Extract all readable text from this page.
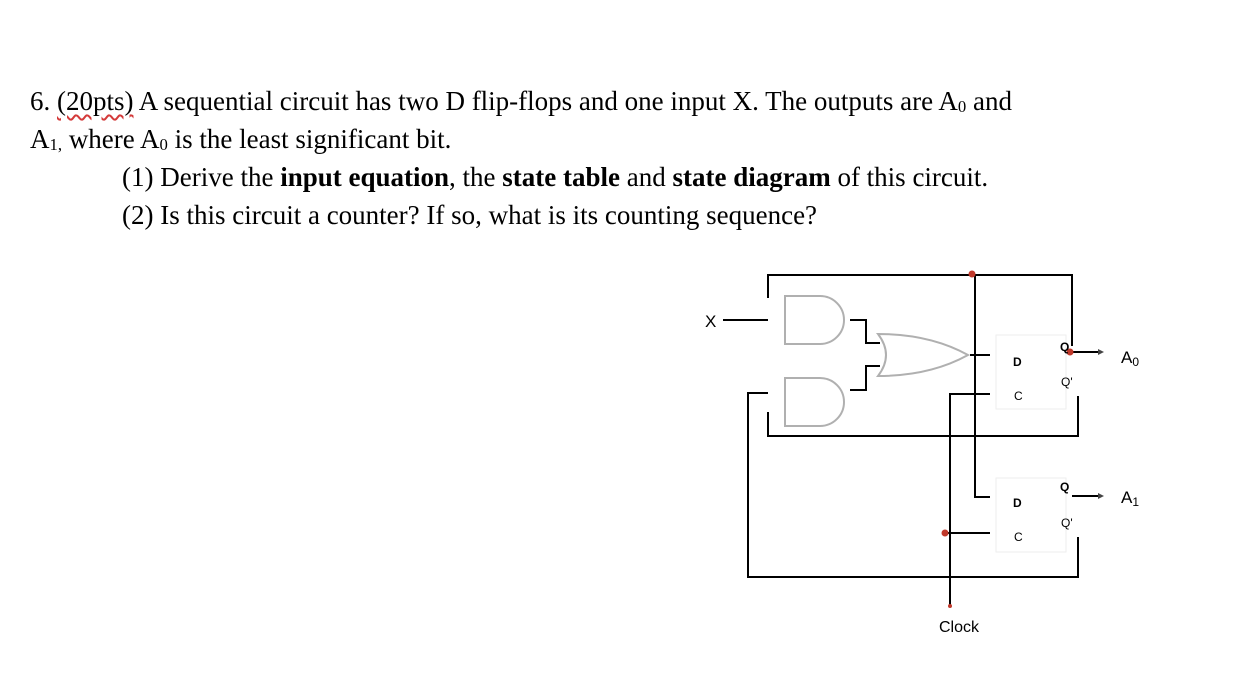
6. (20pts) A sequential circuit has two D flip-flops and one input X. The outputs are $A_0$ and
$A_{1,}$ where $A_0$ is the least significant bit.
(1) Derive the input equation, the state table and state diagram of this circuit.
(2) Is this circuit a counter? If so, what is its counting sequence?
X
Clock
D
C
Q
Q'
D
C
Q
Q'
A0
A1
